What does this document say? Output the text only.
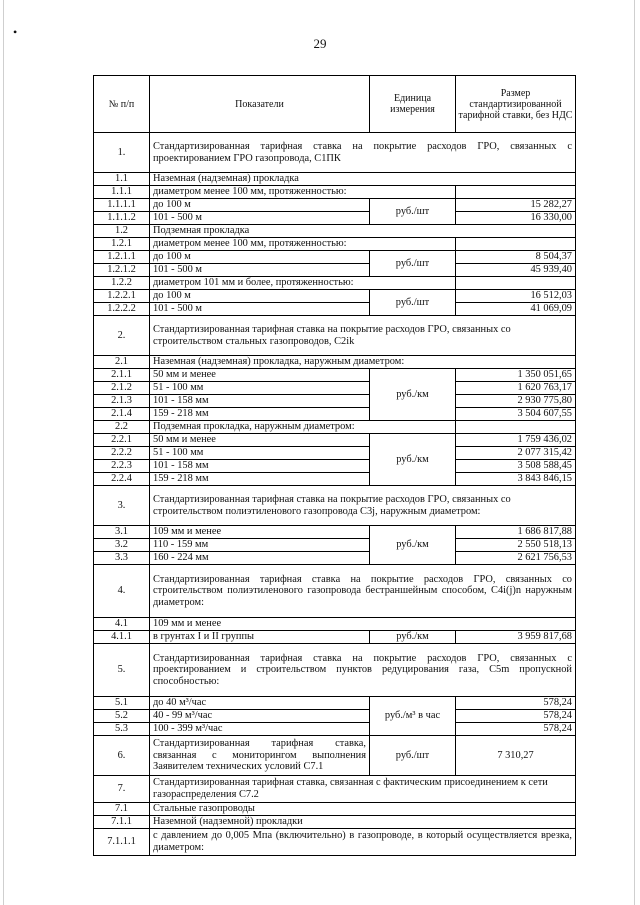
•
29
№ п/п	Показатели	Единица измерения	Размер стандартизированной тарифной ставки, без НДС
1.	Стандартизированная тарифная ставка на покрытие расходов ГРО, связанных с проектированием ГРО газопровода, C1ПК		
1.1	Наземная (надземная) прокладка		
1.1.1	диаметром менее 100 мм, протяженностью:		
1.1.1.1	до 100 м	руб./шт	15 282,27
1.1.1.2	101 - 500 м		16 330,00
1.2	Подземная прокладка		
1.2.1	диаметром менее 100 мм, протяженностью:		
1.2.1.1	до 100 м	руб./шт	8 504,37
1.2.1.2	101 - 500 м		45 939,40
1.2.2	диаметром 101 мм и более, протяженностью:		
1.2.2.1	до 100 м	руб./шт	16 512,03
1.2.2.2	101 - 500 м		41 069,09
2.	Стандартизированная тарифная ставка на покрытие расходов ГРО, связанных со строительством стальных газопроводов, C2ik		
2.1	Наземная (надземная) прокладка, наружным диаметром:		
2.1.1	50 мм и менее	руб./км	1 350 051,65
2.1.2	51 - 100 мм		1 620 763,17
2.1.3	101 - 158 мм		2 930 775,80
2.1.4	159 - 218 мм		3 504 607,55
2.2	Подземная прокладка, наружным диаметром:		
2.2.1	50 мм и менее	руб./км	1 759 436,02
2.2.2	51 - 100 мм		2 077 315,42
2.2.3	101 - 158 мм		3 508 588,45
2.2.4	159 - 218 мм		3 843 846,15
3.	Стандартизированная тарифная ставка на покрытие расходов ГРО, связанных со строительством полиэтиленового газопровода C3j, наружным диаметром:		
3.1	109 мм и менее	руб./км	1 686 817,88
3.2	110 - 159 мм		2 550 518,13
3.3	160 - 224 мм		2 621 756,53
4.	Стандартизированная тарифная ставка на покрытие расходов ГРО, связанных со строительством полиэтиленового газопровода бестраншейным способом, C4i(j)n наружным диаметром:		
4.1	109 мм и менее		
4.1.1	в грунтах I и II группы	руб./км	3 959 817,68
5.	Стандартизированная тарифная ставка на покрытие расходов ГРО, связанных с проектированием и строительством пунктов редуцирования газа, C5m пропускной способностью:		
5.1	до 40 м³/час	руб./м³ в час	578,24
5.2	40 - 99 м³/час		578,24
5.3	100 - 399 м³/час		578,24
6.	Стандартизированная тарифная ставка, связанная с мониторингом выполнения Заявителем технических условий C7.1	руб./шт	7 310,27
7.	Стандартизированная тарифная ставка, связанная с фактическим присоединением к сети газораспределения C7.2		
7.1	Стальные газопроводы		
7.1.1	Наземной (надземной) прокладки		
7.1.1.1	с давлением до 0,005 Мпа (включительно) в газопроводе, в который осуществляется врезка, диаметром:		
